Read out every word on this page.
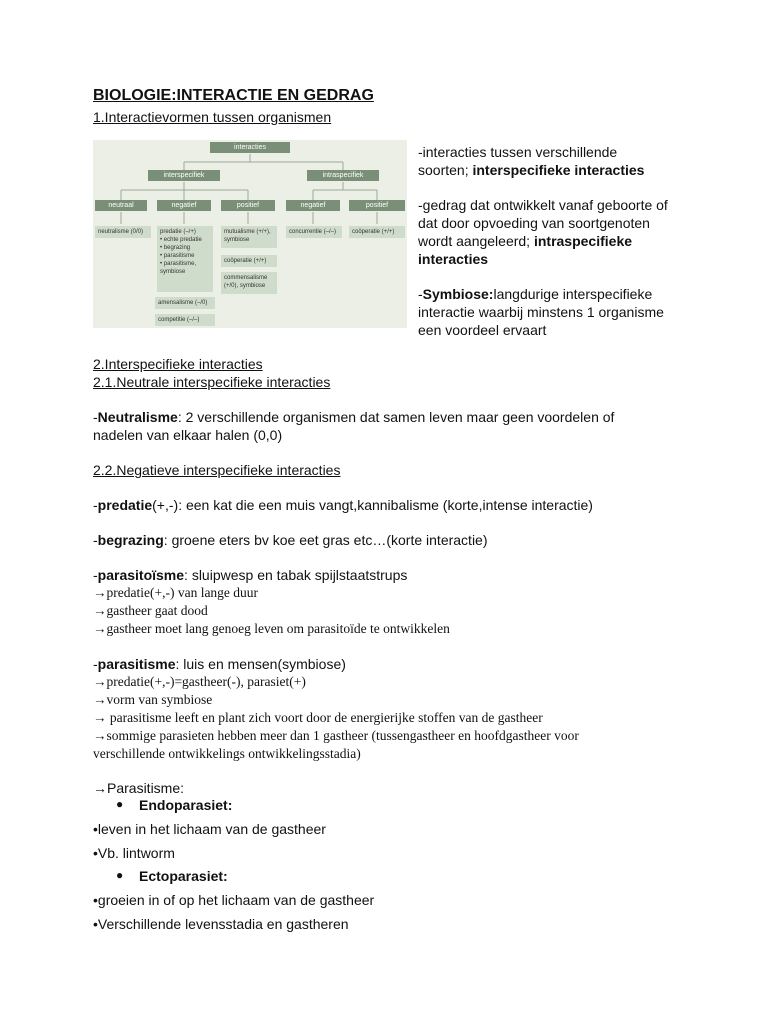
BIOLOGIE:INTERACTIE EN GEDRAG
1.Interactievormen tussen organismen
interacties
interspecifiek	intraspecifiek
neutraal	negatief	positief	negatief	positief
neutralisme (0/0)	predatie (–/+)
• echte predatie
• begrazing
• parasitisme
• parasitisme,
symbiose
amensalisme (–/0)
competitie (–/–)
mutualisme (+/+),
symbiose
coöperatie (+/+)
commensalisme
(+/0), symbiose
concurrentie (–/–)	coöperatie (+/+)
-interacties tussen verschillende
soorten; interspecifieke interacties
-gedrag dat ontwikkelt vanaf geboorte of
dat door opvoeding van soortgenoten
wordt aangeleerd; intraspecifieke
interacties
-Symbiose:langdurige interspecifieke
interactie waarbij minstens 1 organisme
een voordeel ervaart
2.Interspecifieke interacties
2.1.Neutrale interspecifieke interacties
-Neutralisme: 2 verschillende organismen dat samen leven maar geen voordelen of
nadelen van elkaar halen (0,0)
2.2.Negatieve interspecifieke interacties
-predatie(+,-): een kat die een muis vangt,kannibalisme (korte,intense interactie)
-begrazing: groene eters bv koe eet gras etc…(korte interactie)
-parasitoïsme: sluipwesp en tabak spijlstaatstrups
→predatie(+,-) van lange duur
→gastheer gaat dood
→gastheer moet lang genoeg leven om parasitoïde te ontwikkelen
-parasitisme: luis en mensen(symbiose)
→predatie(+,-)=gastheer(-), parasiet(+)
→vorm van symbiose
→ parasitisme leeft en plant zich voort door de energierijke stoffen van de gastheer
→sommige parasieten hebben meer dan 1 gastheer (tussengastheer en hoofdgastheer voor
verschillende ontwikkelings ontwikkelingsstadia)
→Parasitisme:
● Endoparasiet:
•leven in het lichaam van de gastheer
•Vb. lintworm
● Ectoparasiet:
•groeien in of op het lichaam van de gastheer
•Verschillende levensstadia en gastheren
